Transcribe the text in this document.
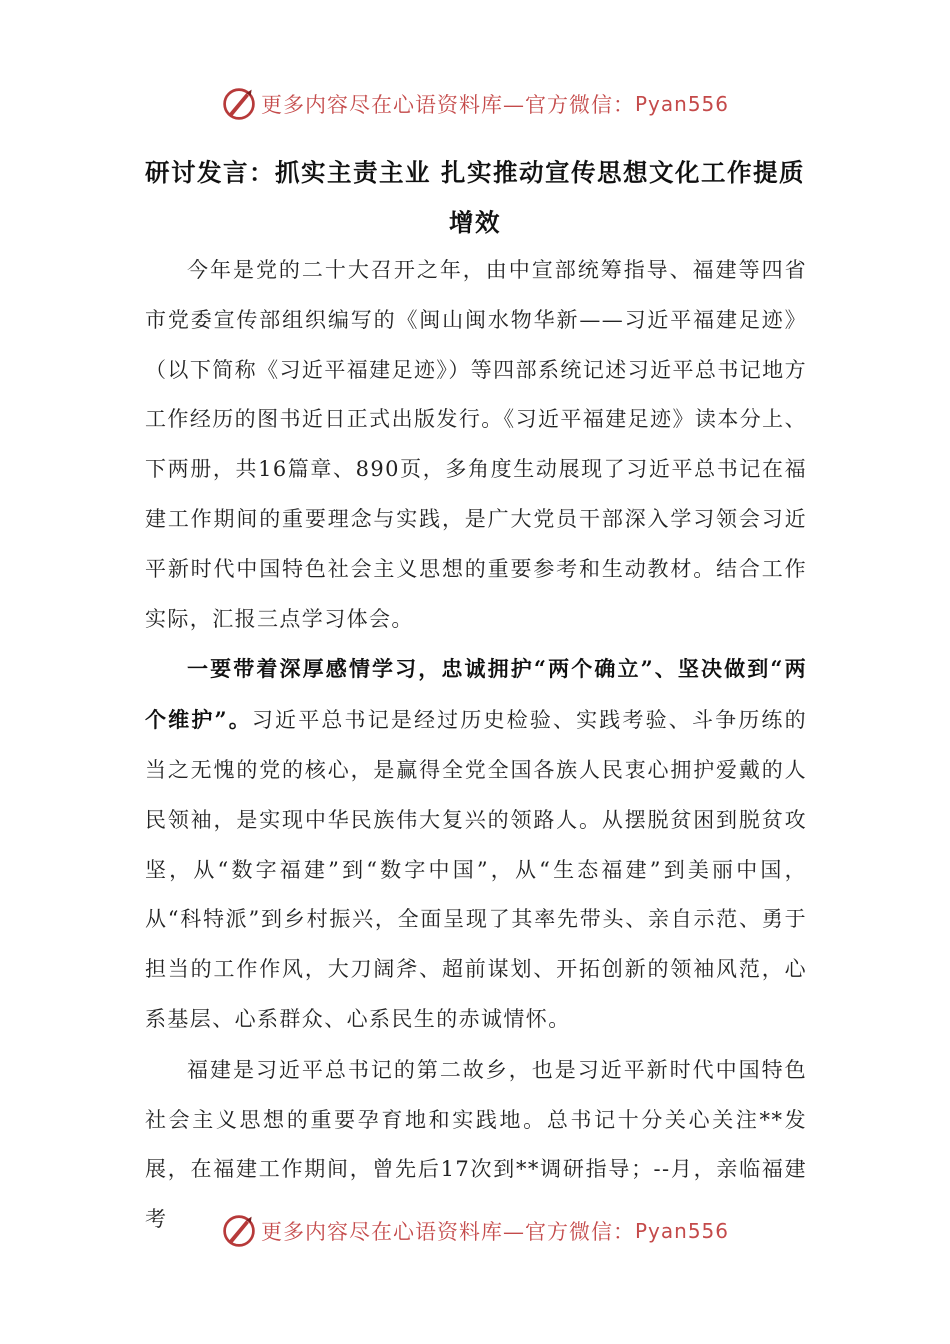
更多内容尽在心语资料库—官方微信： Pyan556
研讨发言：抓实主责主业 扎实推动宣传思想文化工作提质增效

今年是党的二十大召开之年，由中宣部统筹指导、福建等四省市党委宣传部组织编写的《闽山闽水物华新——习近平福建足迹》（以下简称《习近平福建足迹》）等四部系统记述习近平总书记地方工作经历的图书近日正式出版发行。《习近平福建足迹》读本分上、下两册，共16篇章、890页，多角度生动展现了习近平总书记在福建工作期间的重要理念与实践，是广大党员干部深入学习领会习近平新时代中国特色社会主义思想的重要参考和生动教材。结合工作实际，汇报三点学习体会。

一要带着深厚感情学习，忠诚拥护“两个确立”、坚决做到“两个维护”。习近平总书记是经过历史检验、实践考验、斗争历练的当之无愧的党的核心，是赢得全党全国各族人民衷心拥护爱戴的人民领袖，是实现中华民族伟大复兴的领路人。从摆脱贫困到脱贫攻坚，从“数字福建”到“数字中国”，从“生态福建”到美丽中国，从“科特派”到乡村振兴，全面呈现了其率先带头、亲自示范、勇于担当的工作作风，大刀阔斧、超前谋划、开拓创新的领袖风范，心系基层、心系群众、心系民生的赤诚情怀。

福建是习近平总书记的第二故乡，也是习近平新时代中国特色社会主义思想的重要孕育地和实践地。总书记十分关心关注**发展，在福建工作期间，曾先后17次到**调研指导；--月，亲临福建考

更多内容尽在心语资料库—官方微信： Pyan556
